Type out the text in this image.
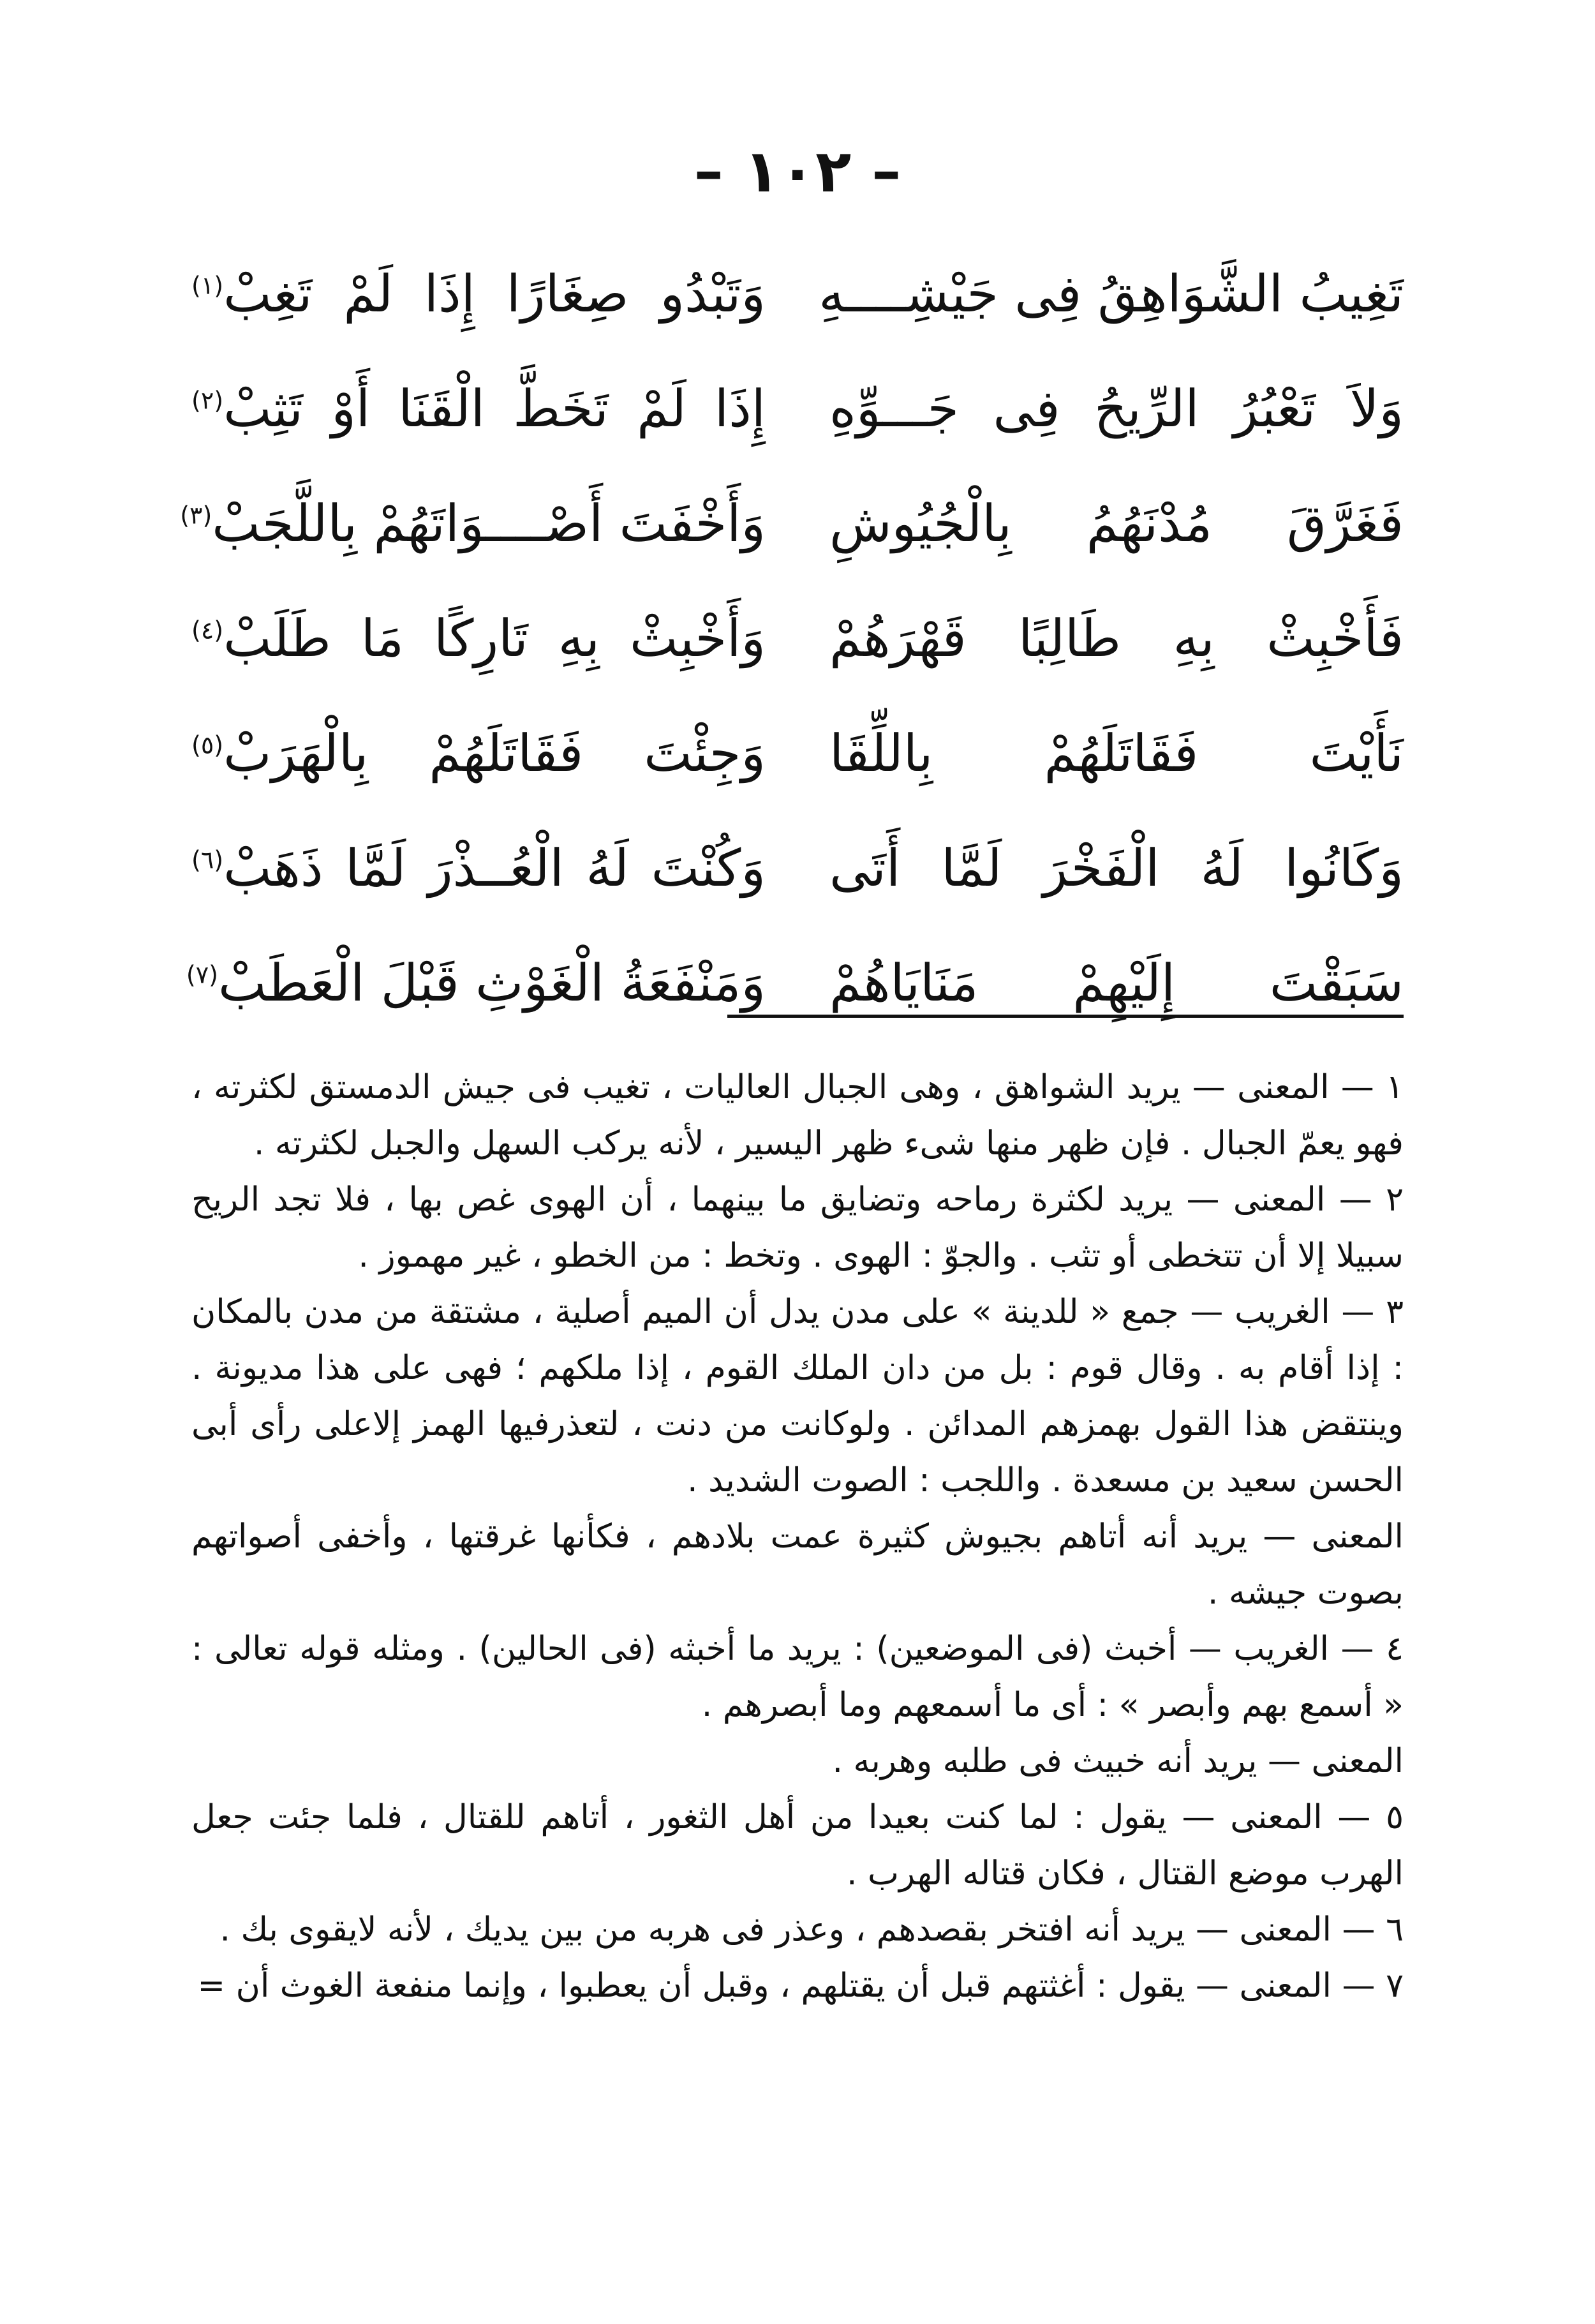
– ١٠٢ –
تَغِيبُ الشَّوَاهِقُ فِى جَيْشِــــهِ
وَتَبْدُو صِغَارًا إِذَا لَمْ تَغِبْ$^{(١)}$
وَلاَ تَعْبُرُ الرِّيحُ فِى جَـــوِّهِ
إِذَا لَمْ تَخَطَّ الْقَنَا أَوْ تَثِبْ$^{(٢)}$
فَغَرَّقَ مُدْنَهُمُ بِالْجُيُوشِ
وَأَخْفَتَ أَصْــــوَاتَهُمْ بِاللَّجَبْ$^{(٣)}$
فَأَخْبِثْ بِهِ طَالِبًا قَهْرَهُمْ
وَأَخْبِثْ بِهِ تَارِكًا مَا طَلَبْ$^{(٤)}$
نَأَيْتَ فَقَاتَلَهُمْ بِاللِّقَا
وَجِئْتَ فَقَاتَلَهُمْ بِالْهَرَبْ$^{(٥)}$
وَكَانُوا لَهُ الْفَخْرَ لَمَّا أَتَى
وَكُنْتَ لَهُ الْعُــذْرَ لَمَّا ذَهَبْ$^{(٦)}$
سَبَقْتَ إِلَيْهِمْ مَنَايَاهُمْ
وَمَنْفَعَةُ الْغَوْثِ قَبْلَ الْعَطَبْ$^{(٧)}$

١ — المعنى — يريد الشواهق ، وهى الجبال العاليات ، تغيب فى جيش الدمستق لكثرته ، فهو يعمّ الجبال . فإن ظهر منها شىء ظهر اليسير ، لأنه يركب السهل والجبل لكثرته .

٢ — المعنى — يريد لكثرة رماحه وتضايق ما بينهما ، أن الهوى غص بها ، فلا تجد الريح سبيلا إلا أن تتخطى أو تثب . والجوّ : الهوى . وتخط : من الخطو ، غير مهموز .

٣ — الغريب — جمع « للدينة » على مدن يدل أن الميم أصلية ، مشتقة من مدن بالمكان : إذا أقام به . وقال قوم : بل من دان الملك القوم ، إذا ملكهم ؛ فهى على هذا مديونة . وينتقض هذا القول بهمزهم المدائن . ولوكانت من دنت ، لتعذرفيها الهمز إلاعلى رأى أبى الحسن سعيد بن مسعدة . واللجب : الصوت الشديد .

المعنى — يريد أنه أتاهم بجيوش كثيرة عمت بلادهم ، فكأنها غرقتها ، وأخفى أصواتهم بصوت جيشه .

٤ — الغريب — أخبث (فى الموضعين) : يريد ما أخبثه (فى الحالين) . ومثله قوله تعالى : « أسمع بهم وأبصر » : أى ما أسمعهم وما أبصرهم .

المعنى — يريد أنه خبيث فى طلبه وهربه .

٥ — المعنى — يقول : لما كنت بعيدا من أهل الثغور ، أتاهم للقتال ، فلما جئت جعل الهرب موضع القتال ، فكان قتاله الهرب .

٦ — المعنى — يريد أنه افتخر بقصدهم ، وعذر فى هربه من بين يديك ، لأنه لايقوى بك .

٧ — المعنى — يقول : أغثتهم قبل أن يقتلهم ، وقبل أن يعطبوا ، وإنما منفعة الغوث أن =
